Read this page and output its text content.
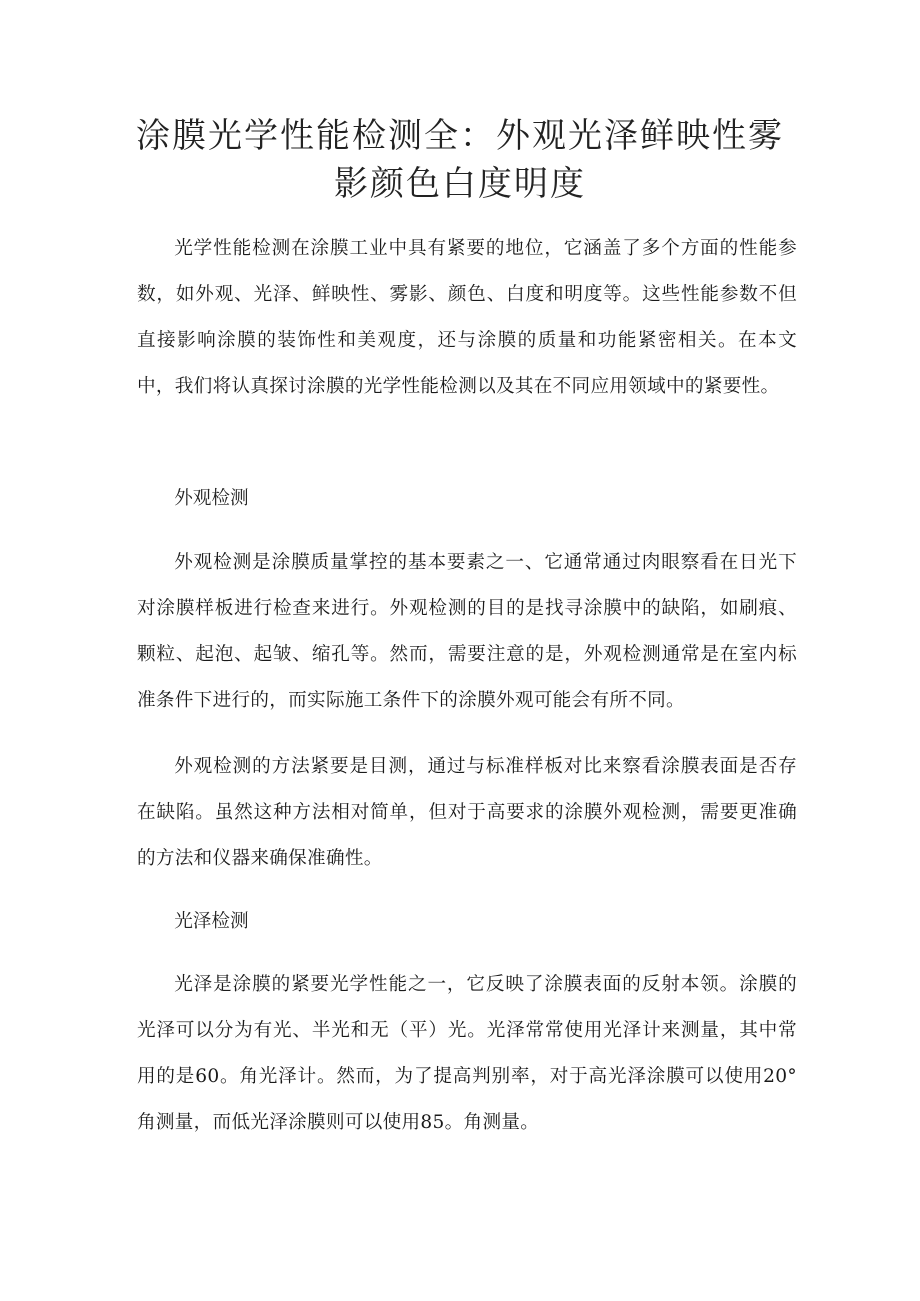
涂膜光学性能检测全：外观光泽鲜映性雾
影颜色白度明度

光学性能检测在涂膜工业中具有紧要的地位，它涵盖了多个方面的性能参数，如外观、光泽、鲜映性、雾影、颜色、白度和明度等。这些性能参数不但直接影响涂膜的装饰性和美观度，还与涂膜的质量和功能紧密相关。在本文中，我们将认真探讨涂膜的光学性能检测以及其在不同应用领域中的紧要性。

外观检测

外观检测是涂膜质量掌控的基本要素之一、它通常通过肉眼察看在日光下对涂膜样板进行检查来进行。外观检测的目的是找寻涂膜中的缺陷，如刷痕、颗粒、起泡、起皱、缩孔等。然而，需要注意的是，外观检测通常是在室内标准条件下进行的，而实际施工条件下的涂膜外观可能会有所不同。

外观检测的方法紧要是目测，通过与标准样板对比来察看涂膜表面是否存在缺陷。虽然这种方法相对简单，但对于高要求的涂膜外观检测，需要更准确的方法和仪器来确保准确性。

光泽检测

光泽是涂膜的紧要光学性能之一，它反映了涂膜表面的反射本领。涂膜的光泽可以分为有光、半光和无（平）光。光泽常常使用光泽计来测量，其中常用的是60。角光泽计。然而，为了提高判别率，对于高光泽涂膜可以使用20°角测量，而低光泽涂膜则可以使用85。角测量。
